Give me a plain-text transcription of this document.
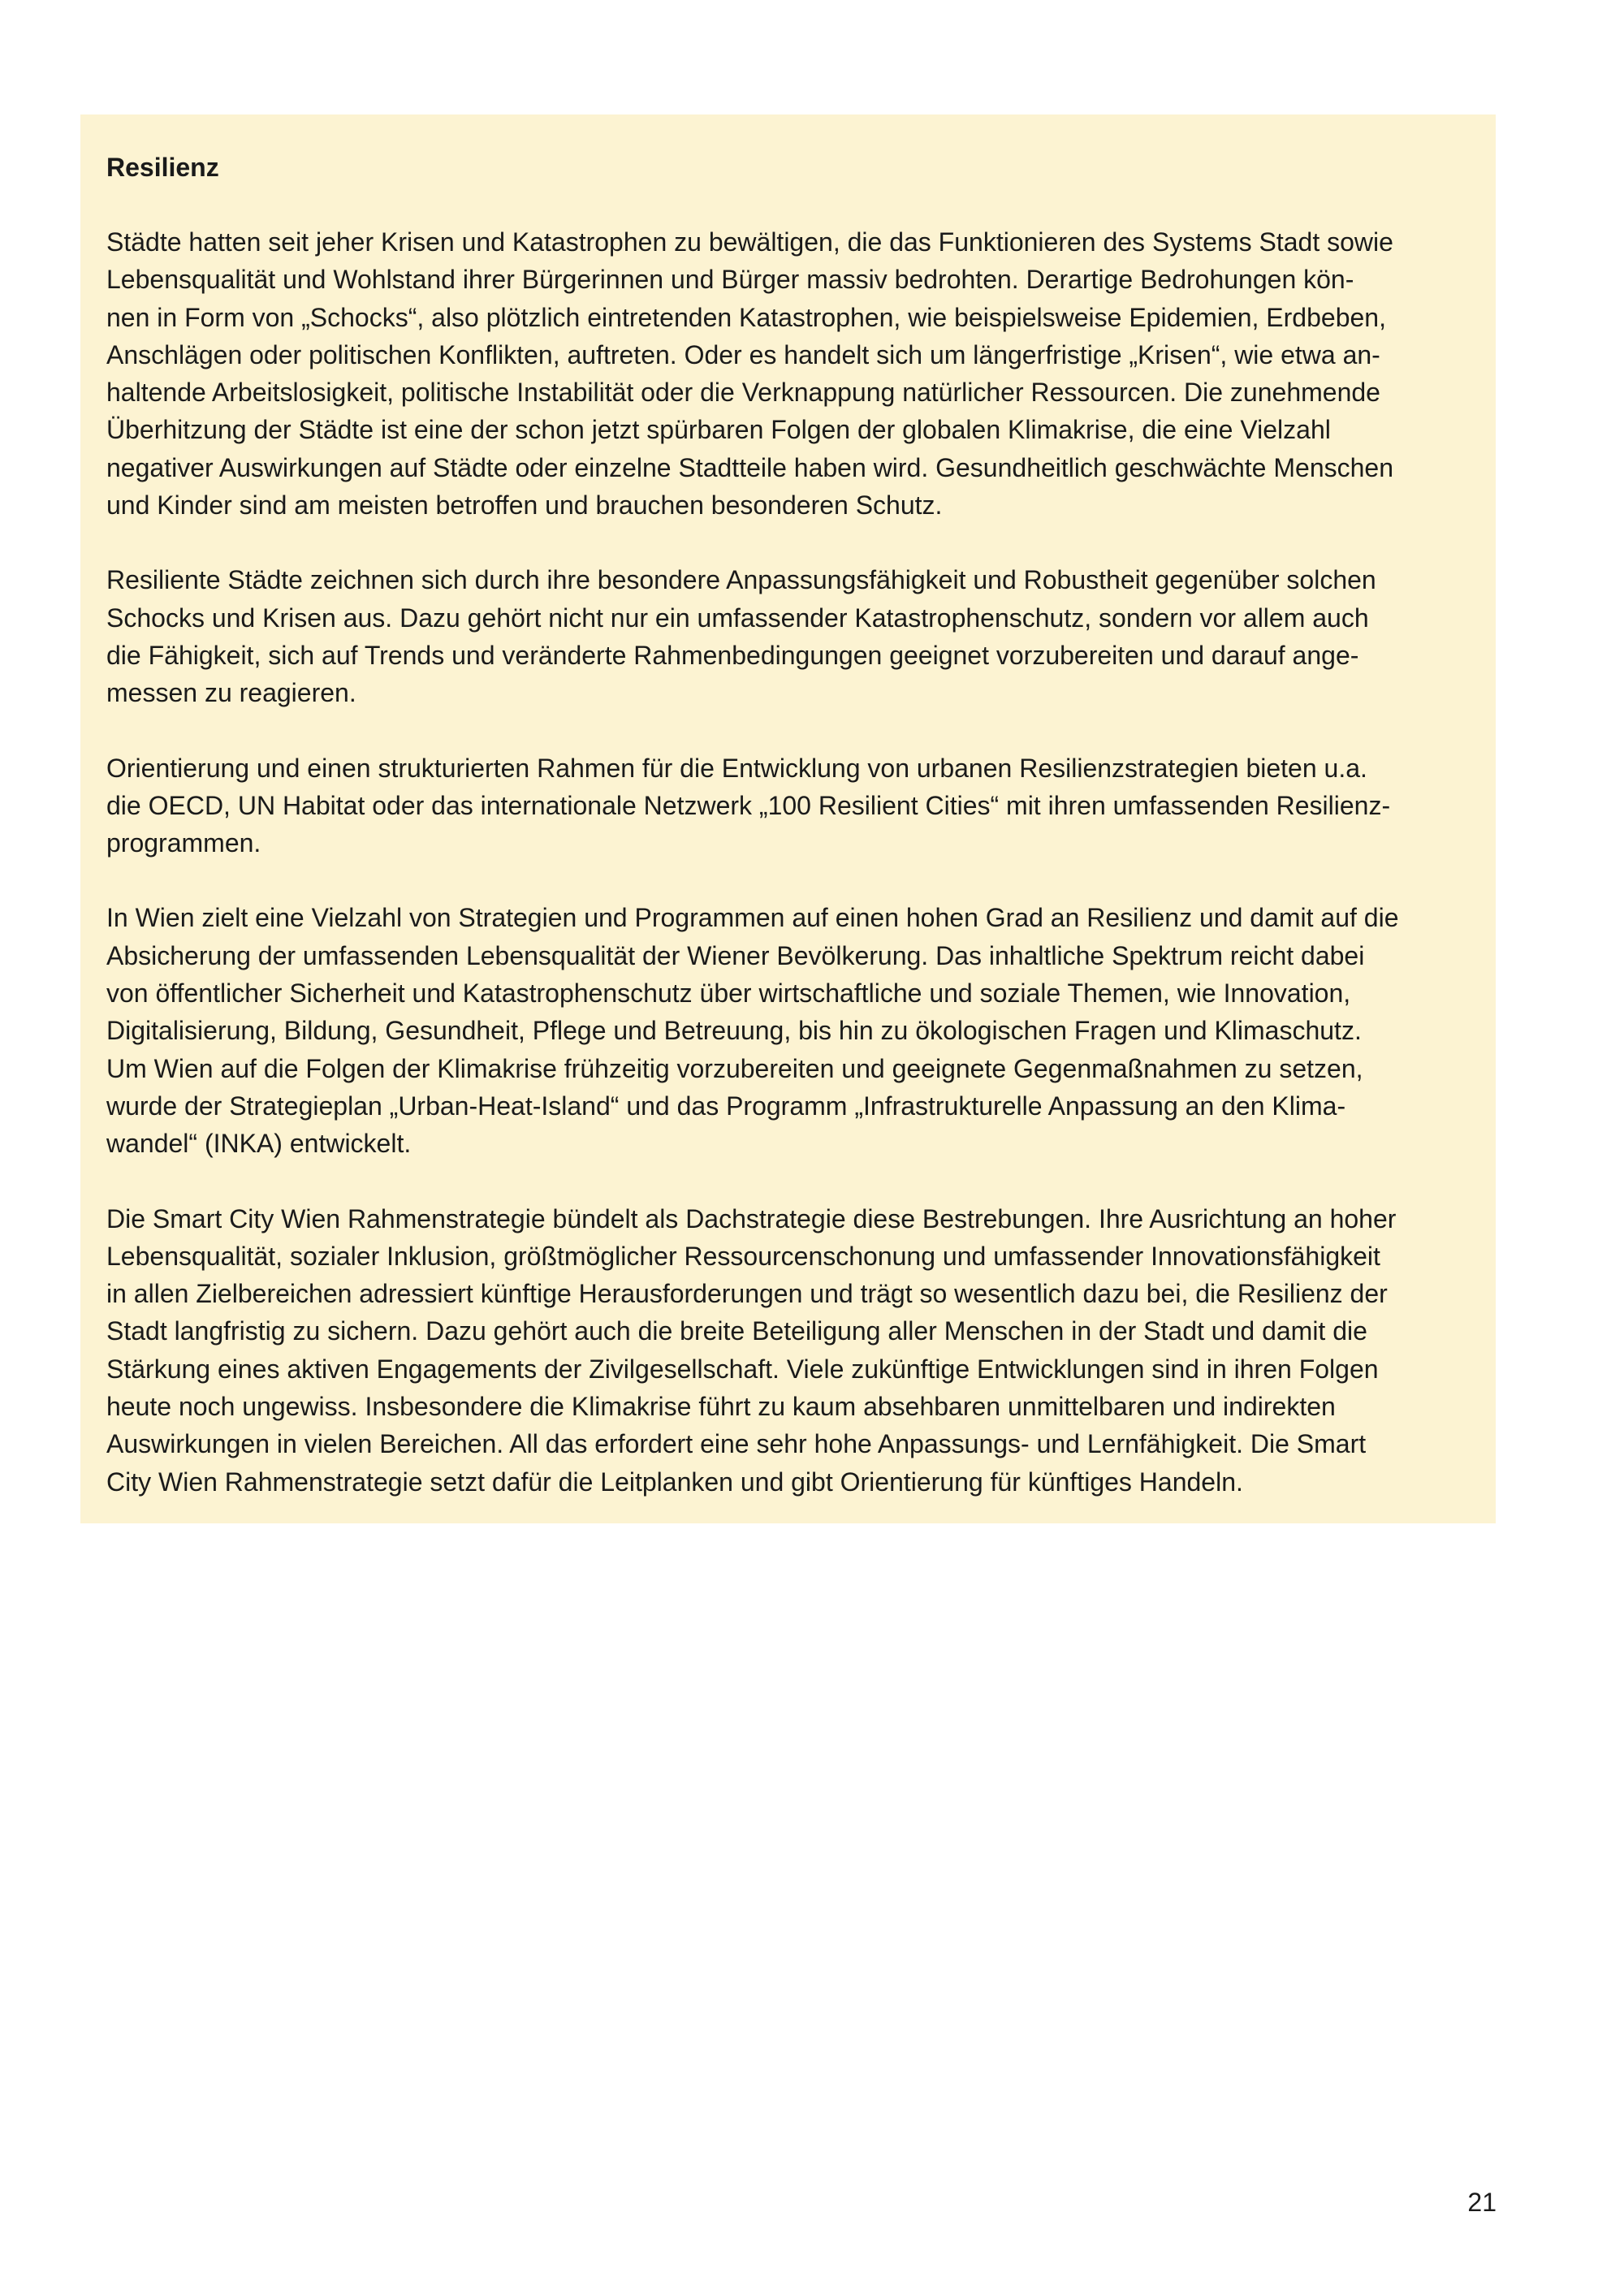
Resilienz
Städte hatten seit jeher Krisen und Katastrophen zu bewältigen, die das Funktionieren des Systems Stadt sowie
Lebensqualität und Wohlstand ihrer Bürgerinnen und Bürger massiv bedrohten. Derartige Bedrohungen kön-
nen in Form von „Schocks“, also plötzlich eintretenden Katastrophen, wie beispielsweise Epidemien, Erdbeben,
Anschlägen oder politischen Konflikten, auftreten. Oder es handelt sich um längerfristige „Krisen“, wie etwa an-
haltende Arbeitslosigkeit, politische Instabilität oder die Verknappung natürlicher Ressourcen. Die zunehmende
Überhitzung der Städte ist eine der schon jetzt spürbaren Folgen der globalen Klimakrise, die eine Vielzahl
negativer Auswirkungen auf Städte oder einzelne Stadtteile haben wird. Gesundheitlich geschwächte Menschen
und Kinder sind am meisten betroffen und brauchen besonderen Schutz.
Resiliente Städte zeichnen sich durch ihre besondere Anpassungsfähigkeit und Robustheit gegenüber solchen
Schocks und Krisen aus. Dazu gehört nicht nur ein umfassender Katastrophenschutz, sondern vor allem auch
die Fähigkeit, sich auf Trends und veränderte Rahmenbedingungen geeignet vorzubereiten und darauf ange-
messen zu reagieren.
Orientierung und einen strukturierten Rahmen für die Entwicklung von urbanen Resilienzstrategien bieten u.a.
die OECD, UN Habitat oder das internationale Netzwerk „100 Resilient Cities“ mit ihren umfassenden Resilienz-
programmen.
In Wien zielt eine Vielzahl von Strategien und Programmen auf einen hohen Grad an Resilienz und damit auf die
Absicherung der umfassenden Lebensqualität der Wiener Bevölkerung. Das inhaltliche Spektrum reicht dabei
von öffentlicher Sicherheit und Katastrophenschutz über wirtschaftliche und soziale Themen, wie Innovation,
Digitalisierung, Bildung, Gesundheit, Pflege und Betreuung, bis hin zu ökologischen Fragen und Klimaschutz.
Um Wien auf die Folgen der Klimakrise frühzeitig vorzubereiten und geeignete Gegenmaßnahmen zu setzen,
wurde der Strategieplan „Urban-Heat-Island“ und das Programm „Infrastrukturelle Anpassung an den Klima-
wandel“ (INKA) entwickelt.
Die Smart City Wien Rahmenstrategie bündelt als Dachstrategie diese Bestrebungen. Ihre Ausrichtung an hoher
Lebensqualität, sozialer Inklusion, größtmöglicher Ressourcenschonung und umfassender Innovationsfähigkeit
in allen Zielbereichen adressiert künftige Herausforderungen und trägt so wesentlich dazu bei, die Resilienz der
Stadt langfristig zu sichern. Dazu gehört auch die breite Beteiligung aller Menschen in der Stadt und damit die
Stärkung eines aktiven Engagements der Zivilgesellschaft. Viele zukünftige Entwicklungen sind in ihren Folgen
heute noch ungewiss. Insbesondere die Klimakrise führt zu kaum absehbaren unmittelbaren und indirekten
Auswirkungen in vielen Bereichen. All das erfordert eine sehr hohe Anpassungs- und Lernfähigkeit. Die Smart
City Wien Rahmenstrategie setzt dafür die Leitplanken und gibt Orientierung für künftiges Handeln.
21
